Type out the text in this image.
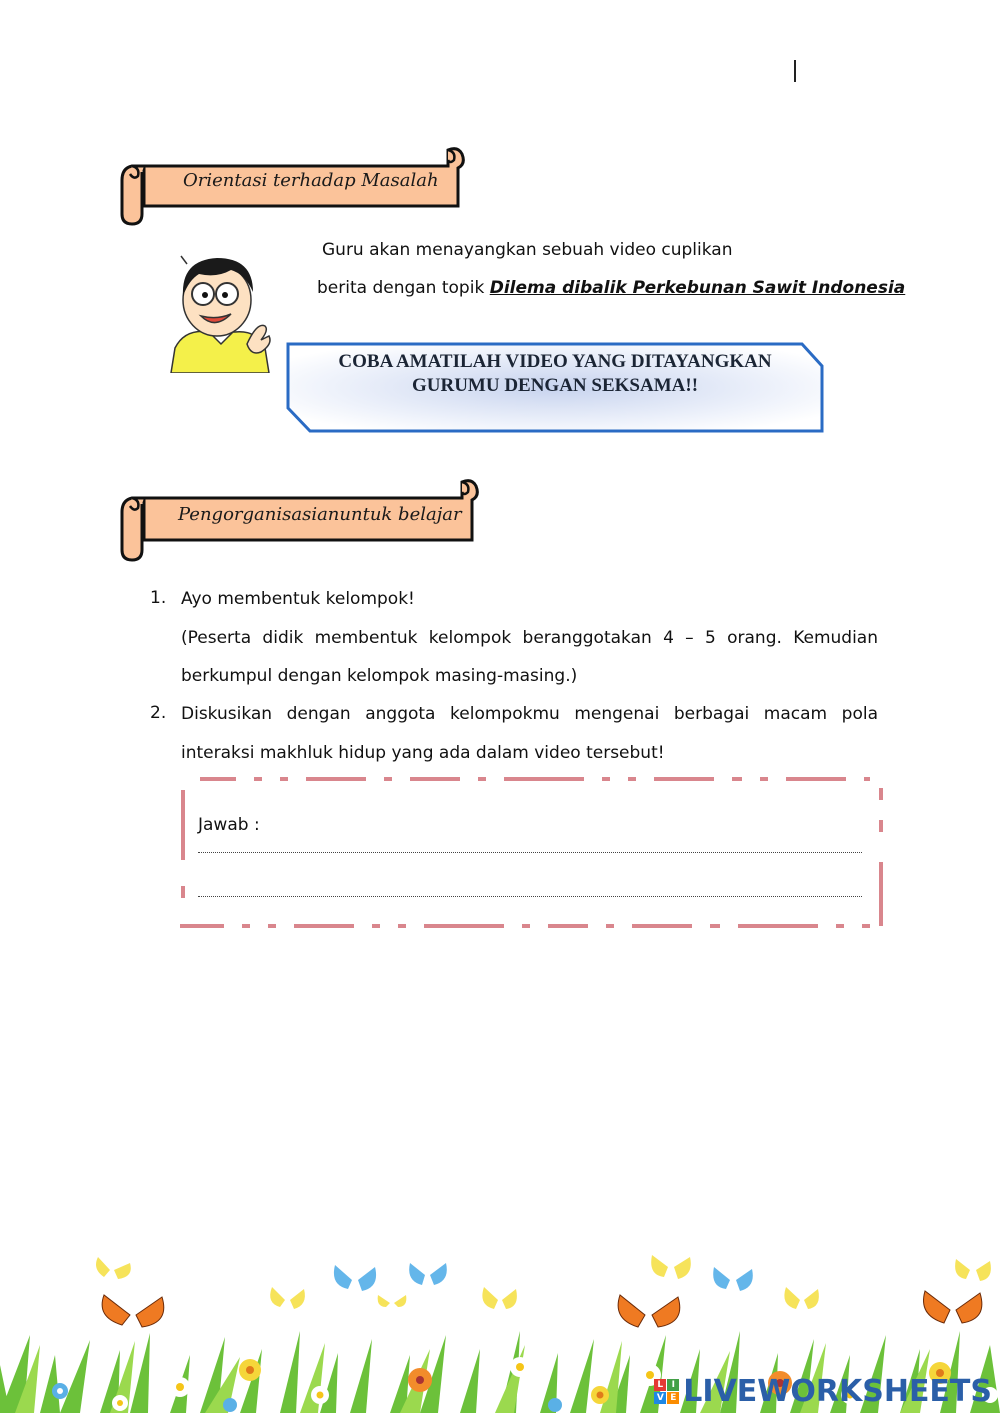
Orientasi terhadap Masalah
Guru akan menayangkan sebuah video cuplikan
berita dengan topik Dilema dibalik Perkebunan Sawit Indonesia
COBA AMATILAH VIDEO YANG DITAYANGKAN
GURUMU DENGAN SEKSAMA!!
Pengorganisasianuntuk belajar
1. Ayo membentuk kelompok!
(Peserta didik membentuk kelompok beranggotakan 4 – 5 orang. Kemudian berkumpul dengan kelompok masing-masing.)
2. Diskusikan dengan anggota kelompokmu mengenai berbagai macam pola interaksi makhluk hidup yang ada dalam video tersebut!
Jawab :
L I
V E LIVEWORKSHEETS
